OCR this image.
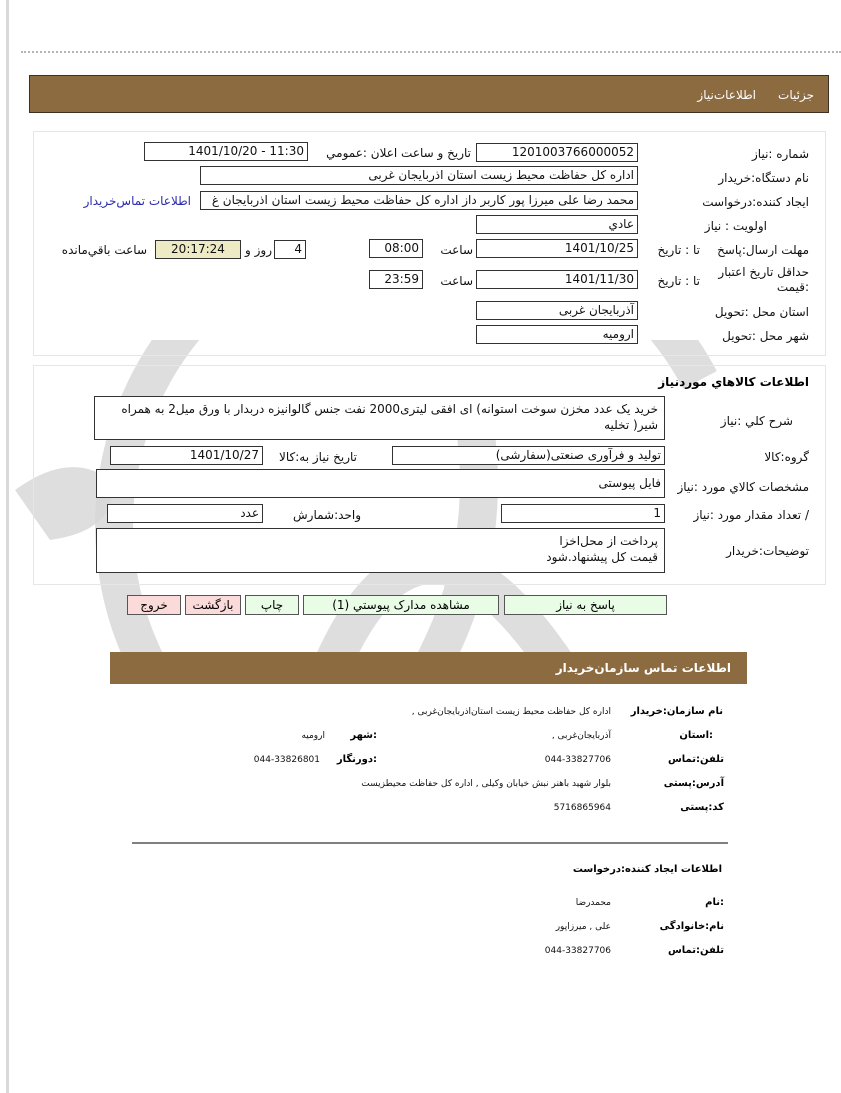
جزئیات
اطلاعات‌نیاز
شماره :نیاز
1201003766000052
تاریخ و ساعت اعلان :عمومي
1401/10/20 - 11:30
نام دستگاه:خریدار
اداره کل حفاظت محیط زیست استان اذربایجان غربی
ایجاد کننده:درخواست
محمد رضا علی میرزا پور کاربر داز اداره کل حفاظت محیط زیست استان اذربایجان غ
اطلاعات تماس‌خریدار
اولویت : نیاز
عادي
مهلت ارسال:پاسخ
تا : تاریخ
1401/10/25
ساعت
08:00
4
روز و
20:17:24
ساعت باقي‌مانده
حداقل تاریخ اعتبار
:قیمت
تا : تاریخ
1401/11/30
ساعت
23:59
استان محل :تحویل
آذربایجان غربی
شهر محل :تحویل
ارومیه
اطلاعات کالاهاي موردنیاز
شرح کلي :نیاز
خرید یک عدد مخزن سوخت استوانه) ای افقی لیتری2000 نفت جنس گالوانیزه دربدار با ورق میل2 به همراه شیر( تخلیه
گروه:کالا
تولید و فرآوری صنعتی(سفارشی)
تاریخ نیاز به:کالا
1401/10/27
مشخصات کالاي مورد :نیاز
فایل پیوستی
/ تعداد مقدار مورد :نیاز
1
واحد:شمارش
عدد
توضیحات:خریدار
پرداخت از محل‌اخزا
قیمت کل پیشنهاد.شود
پاسخ به نیاز
مشاهده مدارک پیوستي (1)
چاپ
بازگشت
خروج
اطلاعات تماس سازمان‌خریدار
نام سازمان:خریدار
اداره کل حفاظت محیط زیست استان‌اذربایجان‌غربی ,
:استان
آذربایجان‌غربی ,
:شهر
ارومیه
تلفن:تماس
044-33827706
:دورنگار
044-33826801
آدرس:پستی
بلوار شهید باهنر نبش خیابان وکیلی , اداره کل حفاظت محیطزیست
کد:پستی
5716865964
اطلاعات ایجاد کننده:درخواست
:نام
محمدرضا
نام:خانوادگی
علی , میرزاپور
تلفن:تماس
044-33827706
